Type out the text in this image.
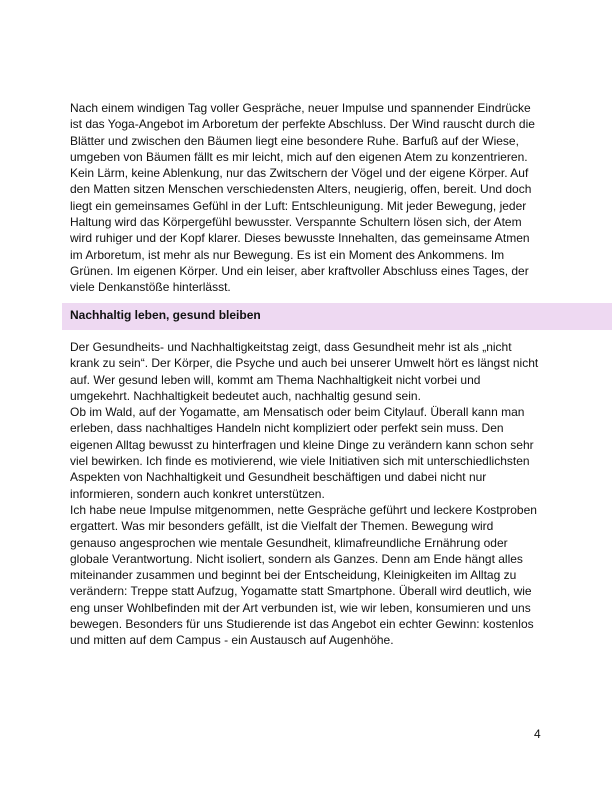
Nach einem windigen Tag voller Gespräche, neuer Impulse und spannender Eindrücke
ist das Yoga-Angebot im Arboretum der perfekte Abschluss. Der Wind rauscht durch die
Blätter und zwischen den Bäumen liegt eine besondere Ruhe. Barfuß auf der Wiese,
umgeben von Bäumen fällt es mir leicht, mich auf den eigenen Atem zu konzentrieren.
Kein Lärm, keine Ablenkung, nur das Zwitschern der Vögel und der eigene Körper. Auf
den Matten sitzen Menschen verschiedensten Alters, neugierig, offen, bereit. Und doch
liegt ein gemeinsames Gefühl in der Luft: Entschleunigung. Mit jeder Bewegung, jeder
Haltung wird das Körpergefühl bewusster. Verspannte Schultern lösen sich, der Atem
wird ruhiger und der Kopf klarer. Dieses bewusste Innehalten, das gemeinsame Atmen
im Arboretum, ist mehr als nur Bewegung. Es ist ein Moment des Ankommens. Im
Grünen. Im eigenen Körper. Und ein leiser, aber kraftvoller Abschluss eines Tages, der
viele Denkanstöße hinterlässt.
Nachhaltig leben, gesund bleiben
Der Gesundheits- und Nachhaltigkeitstag zeigt, dass Gesundheit mehr ist als „nicht
krank zu sein“. Der Körper, die Psyche und auch bei unserer Umwelt hört es längst nicht
auf. Wer gesund leben will, kommt am Thema Nachhaltigkeit nicht vorbei und
umgekehrt. Nachhaltigkeit bedeutet auch, nachhaltig gesund sein.
Ob im Wald, auf der Yogamatte, am Mensatisch oder beim Citylauf. Überall kann man
erleben, dass nachhaltiges Handeln nicht kompliziert oder perfekt sein muss. Den
eigenen Alltag bewusst zu hinterfragen und kleine Dinge zu verändern kann schon sehr
viel bewirken. Ich finde es motivierend, wie viele Initiativen sich mit unterschiedlichsten
Aspekten von Nachhaltigkeit und Gesundheit beschäftigen und dabei nicht nur
informieren, sondern auch konkret unterstützen.
Ich habe neue Impulse mitgenommen, nette Gespräche geführt und leckere Kostproben
ergattert. Was mir besonders gefällt, ist die Vielfalt der Themen. Bewegung wird
genauso angesprochen wie mentale Gesundheit, klimafreundliche Ernährung oder
globale Verantwortung. Nicht isoliert, sondern als Ganzes. Denn am Ende hängt alles
miteinander zusammen und beginnt bei der Entscheidung, Kleinigkeiten im Alltag zu
verändern: Treppe statt Aufzug, Yogamatte statt Smartphone. Überall wird deutlich, wie
eng unser Wohlbefinden mit der Art verbunden ist, wie wir leben, konsumieren und uns
bewegen. Besonders für uns Studierende ist das Angebot ein echter Gewinn: kostenlos
und mitten auf dem Campus - ein Austausch auf Augenhöhe.
4
